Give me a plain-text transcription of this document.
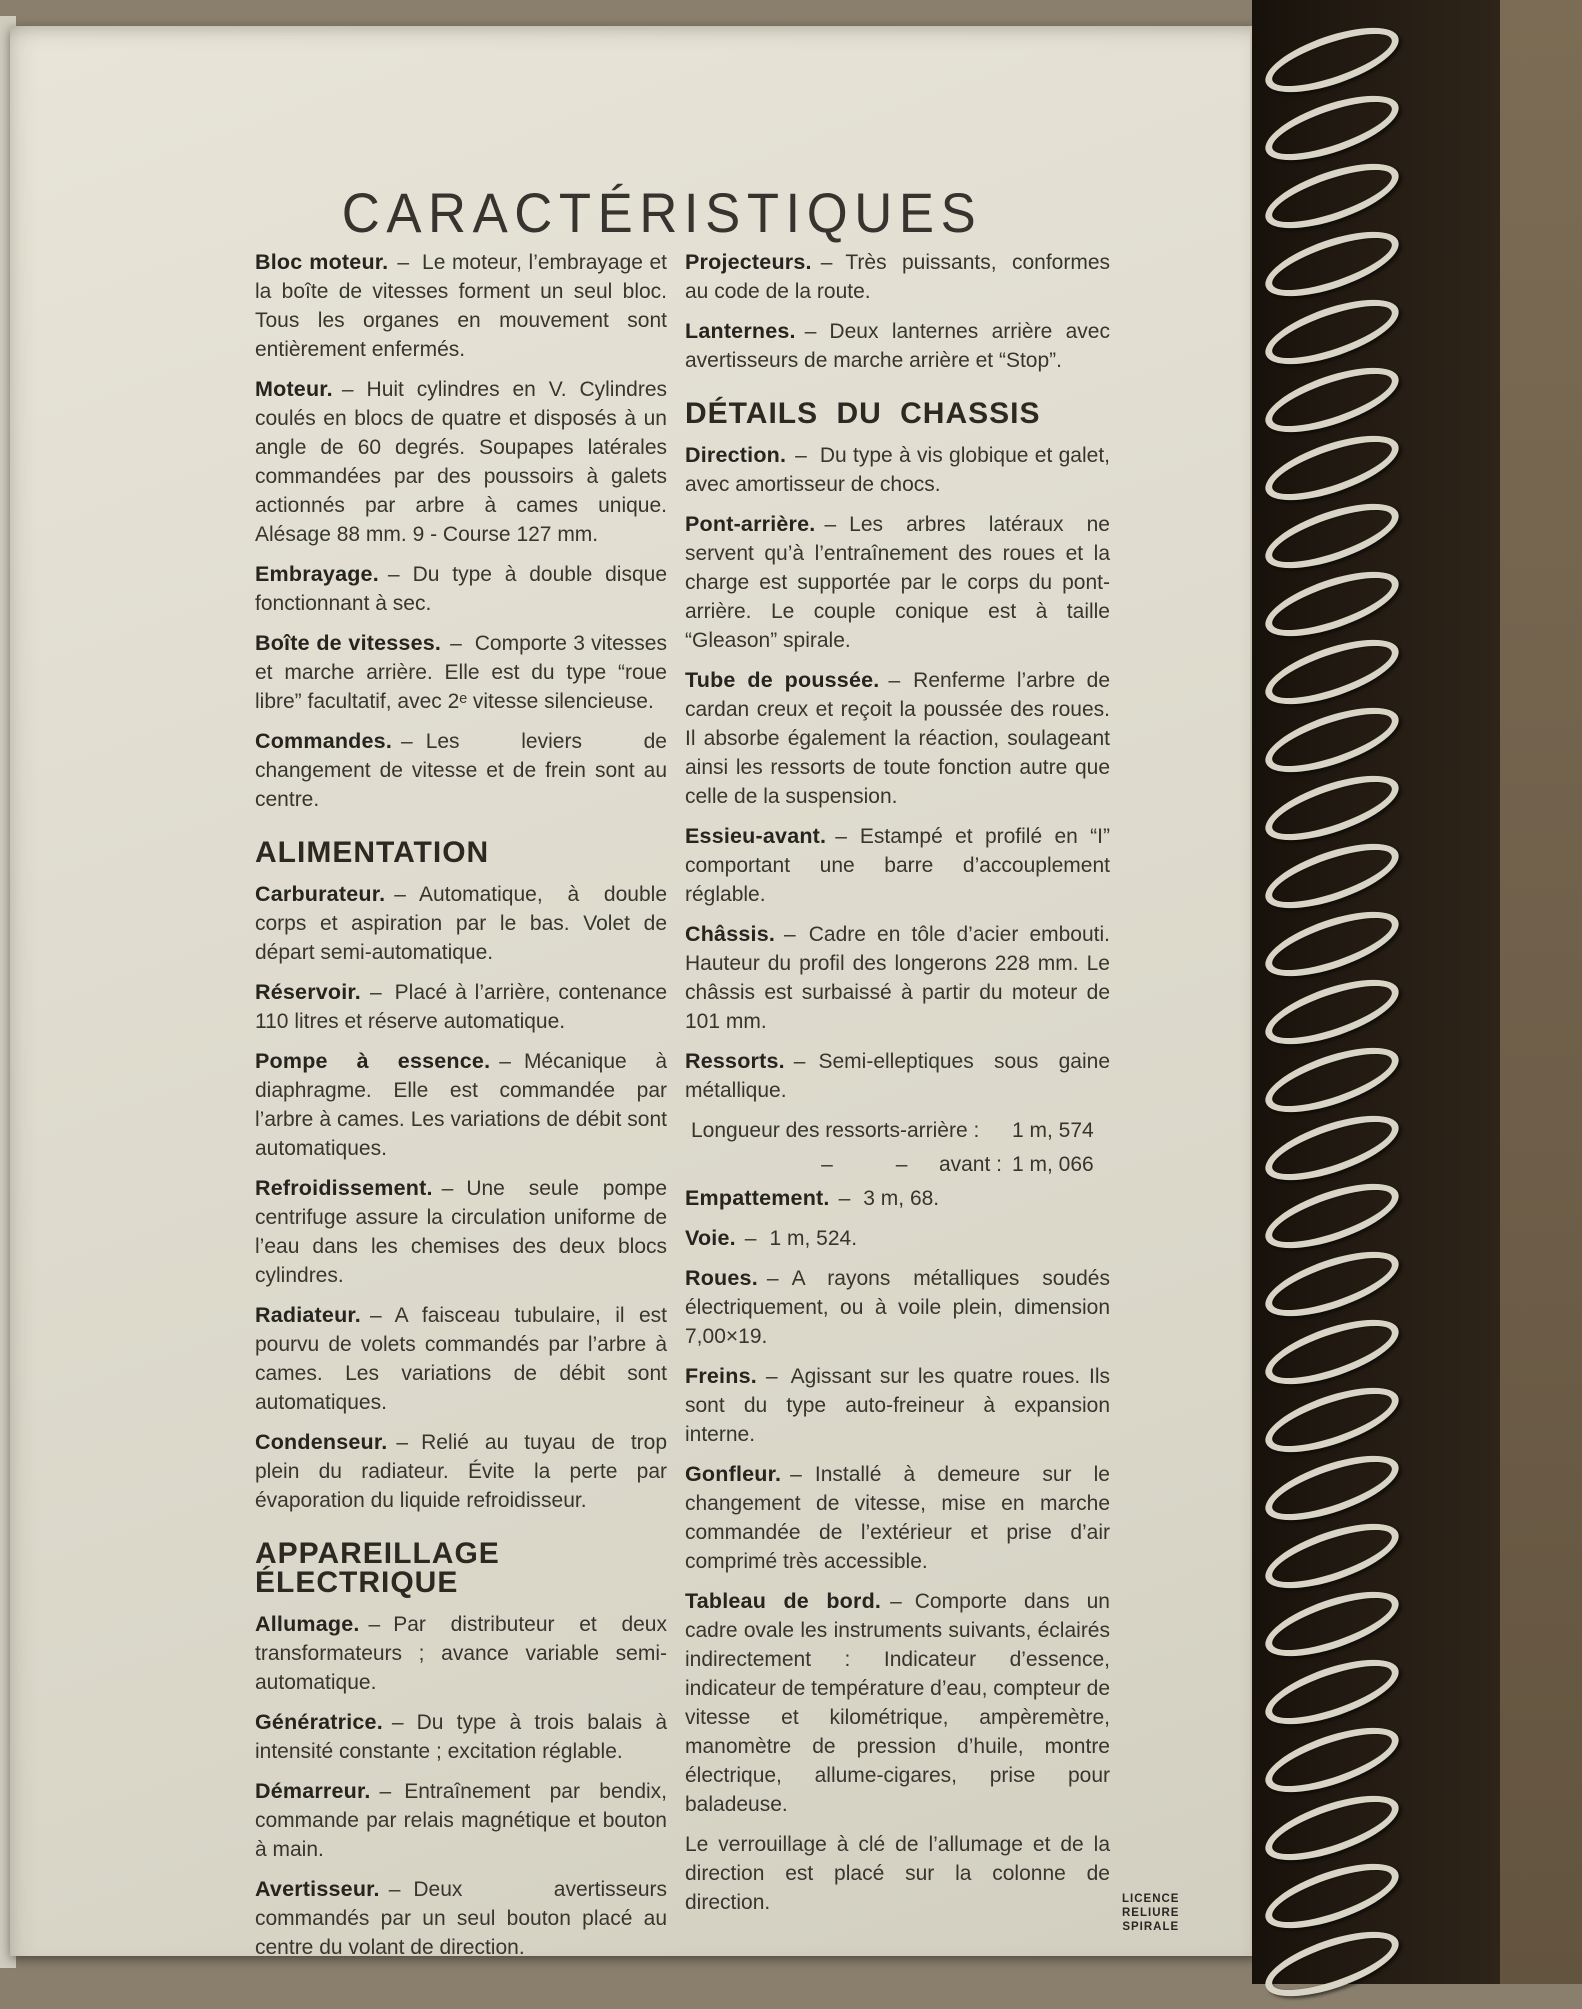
CARACTÉRISTIQUES

Bloc moteur. – Le moteur, l’embrayage et la boîte de vitesses forment un seul bloc. Tous les organes en mouvement sont entièrement enfermés.

Moteur. – Huit cylindres en V. Cylindres coulés en blocs de quatre et disposés à un angle de 60 degrés. Soupapes latérales commandées par des poussoirs à galets actionnés par arbre à cames unique. Alésage 88 mm. 9 - Course 127 mm.

Embrayage. – Du type à double disque fonctionnant à sec.

Boîte de vitesses. – Comporte 3 vitesses et marche arrière. Elle est du type “roue libre” facultatif, avec 2ᵉ vitesse silencieuse.

Commandes. – Les leviers de changement de vitesse et de frein sont au centre.

ALIMENTATION

Carburateur. – Automatique, à double corps et aspiration par le bas. Volet de départ semi-automatique.

Réservoir. – Placé à l’arrière, contenance 110 litres et réserve automatique.

Pompe à essence. – Mécanique à diaphragme. Elle est commandée par l’arbre à cames. Les variations de débit sont automatiques.

Refroidissement. – Une seule pompe centrifuge assure la circulation uniforme de l’eau dans les chemises des deux blocs cylindres.

Radiateur. – A faisceau tubulaire, il est pourvu de volets commandés par l’arbre à cames. Les variations de débit sont automatiques.

Condenseur. – Relié au tuyau de trop plein du radiateur. Évite la perte par évaporation du liquide refroidisseur.

APPAREILLAGE ÉLECTRIQUE

Allumage. – Par distributeur et deux transformateurs ; avance variable semi-automatique.

Génératrice. – Du type à trois balais à intensité constante ; excitation réglable.

Démarreur. – Entraînement par bendix, commande par relais magnétique et bouton à main.

Avertisseur. – Deux avertisseurs commandés par un seul bouton placé au centre du volant de direction.

Projecteurs. – Très puissants, conformes au code de la route.

Lanternes. – Deux lanternes arrière avec avertisseurs de marche arrière et “Stop”.

DÉTAILS DU CHASSIS

Direction. – Du type à vis globique et galet, avec amortisseur de chocs.

Pont-arrière. – Les arbres latéraux ne servent qu’à l’entraînement des roues et la charge est supportée par le corps du pont-arrière. Le couple conique est à taille “Gleason” spirale.

Tube de poussée. – Renferme l’arbre de cardan creux et reçoit la poussée des roues. Il absorbe également la réaction, soulageant ainsi les ressorts de toute fonction autre que celle de la suspension.

Essieu-avant. – Estampé et profilé en “I” comportant une barre d’accouplement réglable.

Châssis. – Cadre en tôle d’acier embouti. Hauteur du profil des longerons 228 mm. Le châssis est surbaissé à partir du moteur de 101 mm.

Ressorts. – Semi-elleptiques sous gaine métallique.

Longueur des ressorts-arrière :	1 m, 574
–   –  avant : 1 m, 066

Empattement. – 3 m, 68.

Voie. – 1 m, 524.

Roues. – A rayons métalliques soudés électriquement, ou à voile plein, dimension 7,00×19.

Freins. – Agissant sur les quatre roues. Ils sont du type auto-freineur à expansion interne.

Gonfleur. – Installé à demeure sur le changement de vitesse, mise en marche commandée de l’extérieur et prise d’air comprimé très accessible.

Tableau de bord. – Comporte dans un cadre ovale les instruments suivants, éclairés indirectement : Indicateur d’essence, indicateur de température d’eau, compteur de vitesse et kilométrique, ampèremètre, manomètre de pression d’huile, montre électrique, allume-cigares, prise pour baladeuse.

Le verrouillage à clé de l’allumage et de la direction est placé sur la colonne de direction.	LICENCE
RELIURE
SPIRALE
